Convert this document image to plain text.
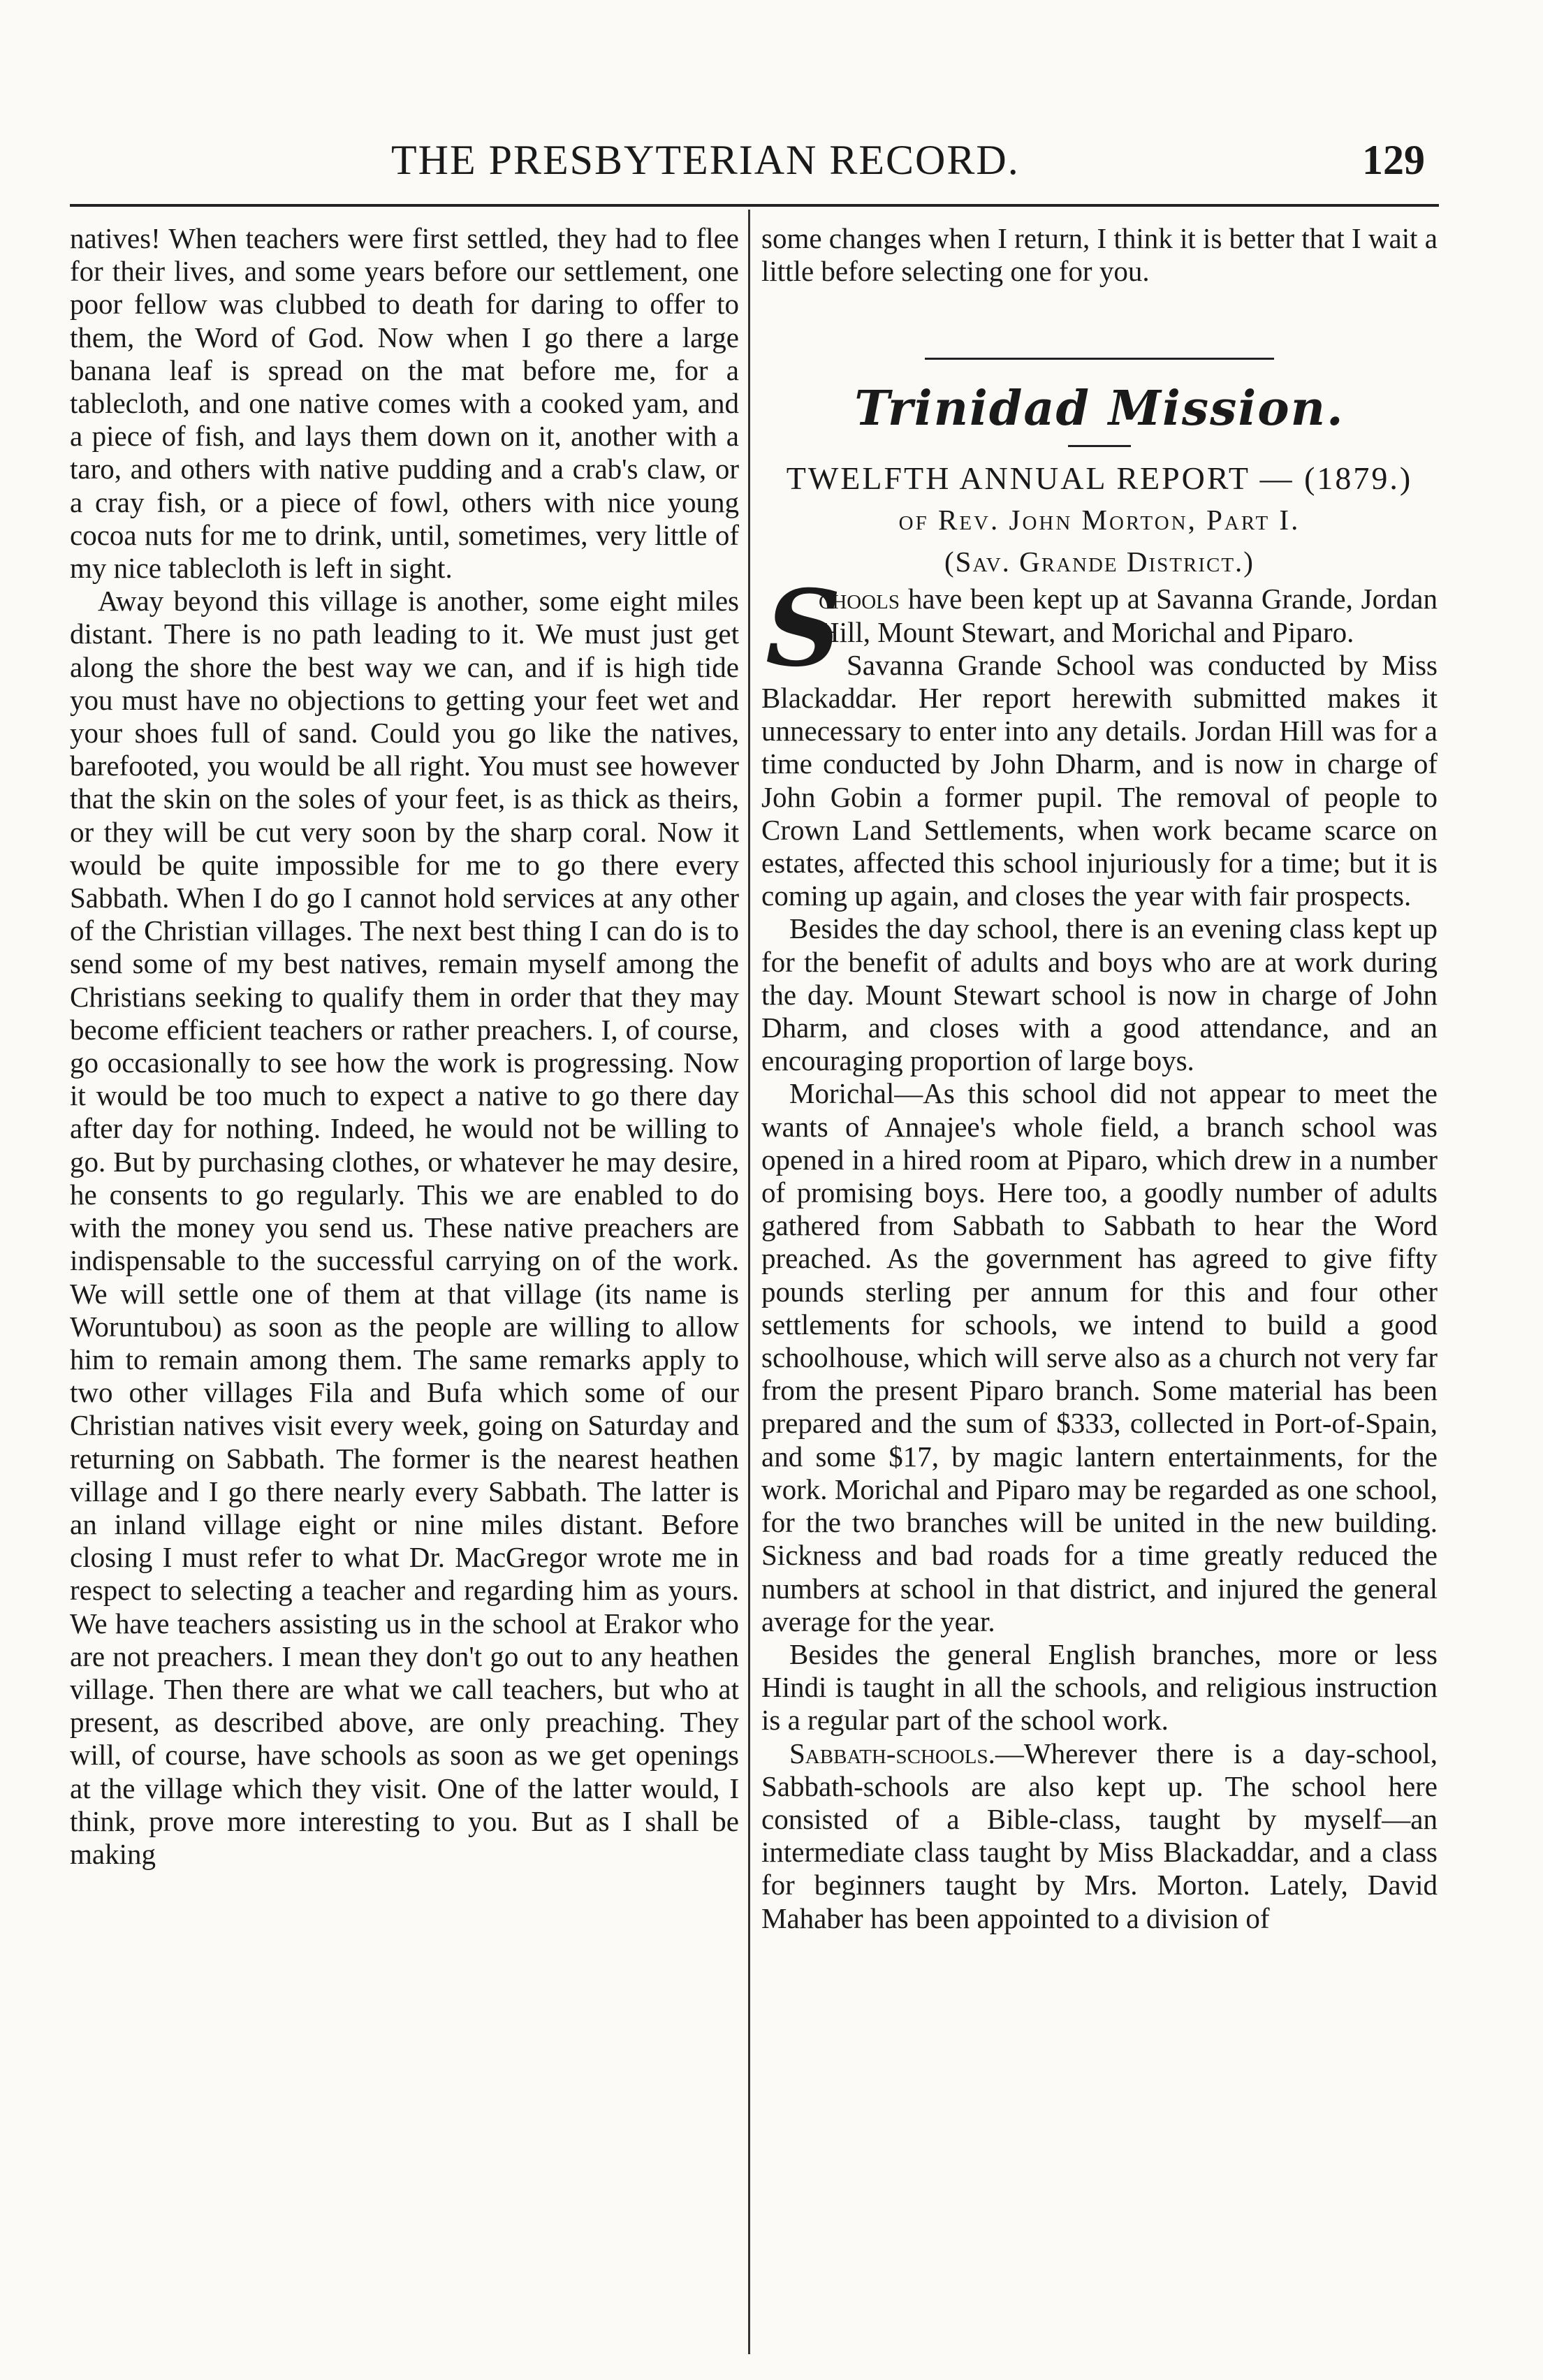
THE PRESBYTERIAN RECORD.	129

natives! When teachers were first settled, they had to flee for their lives, and some years before our settlement, one poor fellow was clubbed to death for daring to offer to them, the Word of God. Now when I go there a large banana leaf is spread on the mat before me, for a tablecloth, and one native comes with a cooked yam, and a piece of fish, and lays them down on it, another with a taro, and others with native pudding and a crab's claw, or a cray fish, or a piece of fowl, others with nice young cocoa nuts for me to drink, until, sometimes, very little of my nice tablecloth is left in sight.

Away beyond this village is another, some eight miles distant. There is no path leading to it. We must just get along the shore the best way we can, and if is high tide you must have no objections to getting your feet wet and your shoes full of sand. Could you go like the natives, barefooted, you would be all right. You must see however that the skin on the soles of your feet, is as thick as theirs, or they will be cut very soon by the sharp coral. Now it would be quite impossible for me to go there every Sabbath. When I do go I cannot hold services at any other of the Christian villages. The next best thing I can do is to send some of my best natives, remain myself among the Christians seeking to qualify them in order that they may become efficient teachers or rather preachers. I, of course, go occasionally to see how the work is progressing. Now it would be too much to expect a native to go there day after day for nothing. Indeed, he would not be willing to go. But by purchasing clothes, or whatever he may desire, he consents to go regularly. This we are enabled to do with the money you send us. These native preachers are indispensable to the successful carrying on of the work. We will settle one of them at that village (its name is Woruntubou) as soon as the people are willing to allow him to remain among them. The same remarks apply to two other villages Fila and Bufa which some of our Christian natives visit every week, going on Saturday and returning on Sabbath. The former is the nearest heathen village and I go there nearly every Sabbath. The latter is an inland village eight or nine miles distant. Before closing I must refer to what Dr. MacGregor wrote me in respect to selecting a teacher and regarding him as yours. We have teachers assisting us in the school at Erakor who are not preachers. I mean they don't go out to any heathen village. Then there are what we call teachers, but who at present, as described above, are only preaching. They will, of course, have schools as soon as we get openings at the village which they visit. One of the latter would, I think, prove more interesting to you. But as I shall be making

some changes when I return, I think it is better that I wait a little before selecting one for you.

Trinidad Mission.

TWELFTH ANNUAL REPORT — (1879.)

of Rev. John Morton, Part I.

(Sav. Grande District.)

S
chools have been kept up at Savanna Grande, Jordan Hill, Mount Stewart, and Morichal and Piparo.

Savanna Grande School was conducted by Miss Blackaddar. Her report herewith submitted makes it unnecessary to enter into any details. Jordan Hill was for a time conducted by John Dharm, and is now in charge of John Gobin a former pupil. The removal of people to Crown Land Settlements, when work became scarce on estates, affected this school injuriously for a time; but it is coming up again, and closes the year with fair prospects.

Besides the day school, there is an evening class kept up for the benefit of adults and boys who are at work during the day. Mount Stewart school is now in charge of John Dharm, and closes with a good attendance, and an encouraging proportion of large boys.

Morichal—As this school did not appear to meet the wants of Annajee's whole field, a branch school was opened in a hired room at Piparo, which drew in a number of promising boys. Here too, a goodly number of adults gathered from Sabbath to Sabbath to hear the Word preached. As the government has agreed to give fifty pounds sterling per annum for this and four other settlements for schools, we intend to build a good schoolhouse, which will serve also as a church not very far from the present Piparo branch. Some material has been prepared and the sum of $333, collected in Port-of-Spain, and some $17, by magic lantern entertainments, for the work. Morichal and Piparo may be regarded as one school, for the two branches will be united in the new building. Sickness and bad roads for a time greatly reduced the numbers at school in that district, and injured the general average for the year.

Besides the general English branches, more or less Hindi is taught in all the schools, and religious instruction is a regular part of the school work.

Sabbath-schools.—Wherever there is a day-school, Sabbath-schools are also kept up. The school here consisted of a Bible-class, taught by myself—an intermediate class taught by Miss Blackaddar, and a class for beginners taught by Mrs. Morton. Lately, David Mahaber has been appointed to a division of
